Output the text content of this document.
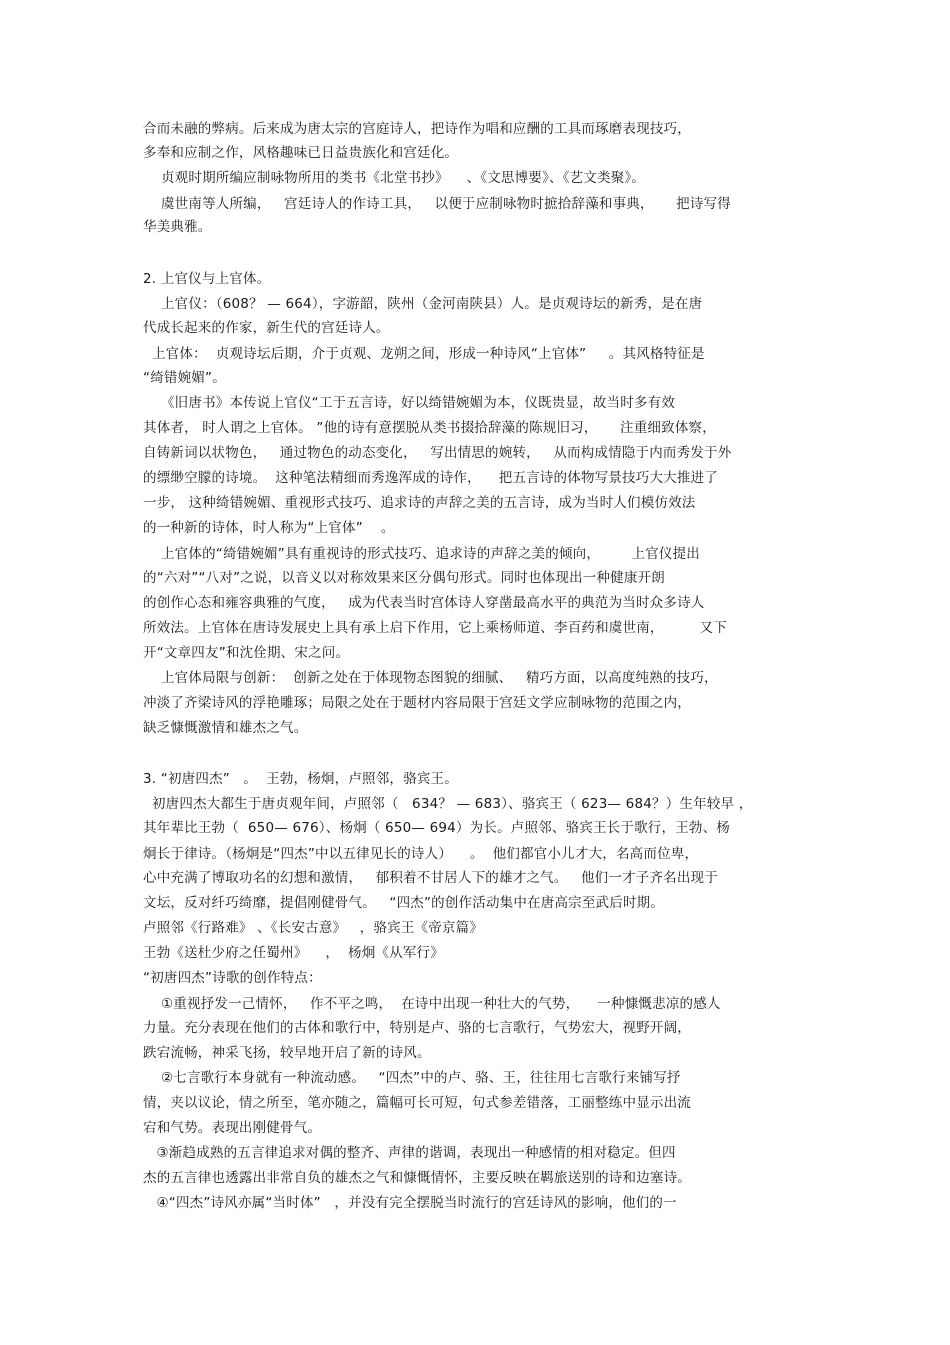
合而未融的弊病。后来成为唐太宗的宫庭诗人，把诗作为唱和应酬的工具而琢磨表现技巧，
多奉和应制之作，风格趣味已日益贵族化和宫廷化。
贞观时期所编应制咏物所用的类书《北堂书抄》    、《文思博要》、《艺文类聚》。
虞世南等人所编，   宫廷诗人的作诗工具，   以便于应制咏物时摭拾辞藻和事典，     把诗写得
华美典雅。
2. 上官仪与上官体。
上官仪：（608？ — 664），字游韶，陕州（金河南陕县）人。是贞观诗坛的新秀，是在唐
代成长起来的作家，新生代的宫廷诗人。
上官体：  贞观诗坛后期，介于贞观、龙朔之间，形成一种诗风“上官体”     。其风格特征是
“绮错婉媚”。
《旧唐书》本传说上官仪“工于五言诗，好以绮错婉媚为本，仪既贵显，故当时多有效
其体者， 时人谓之上官体。 ”他的诗有意摆脱从类书掇拾辞藻的陈规旧习，     注重细致体察，
自铸新词以状物色，   通过物色的动态变化，   写出情思的婉转，   从而构成情隐于内而秀发于外
的缥缈空朦的诗境。  这种笔法精细而秀逸浑成的诗作，    把五言诗的体物写景技巧大大推进了
一步， 这种绮错婉媚、重视形式技巧、追求诗的声辞之美的五言诗，成为当时人们模仿效法
的一种新的诗体，时人称为“上官体”    。
上官体的“绮错婉媚”具有重视诗的形式技巧、追求诗的声辞之美的倾向，       上官仪提出
的“六对”“八对”之说，以音义以对称效果来区分偶句形式。同时也体现出一种健康开朗
的创作心态和雍容典雅的气度，   成为代表当时宫体诗人穿凿最高水平的典范为当时众多诗人
所效法。上官体在唐诗发展史上具有承上启下作用，它上乘杨师道、李百药和虞世南，        又下
开“文章四友”和沈佺期、宋之问。
上官体局限与创新：  创新之处在于体现物态图貌的细腻、   精巧方面，以高度纯熟的技巧，
冲淡了齐梁诗风的浮艳雕琢；局限之处在于题材内容局限于宫廷文学应制咏物的范围之内，
缺乏慷慨激情和雄杰之气。
3. “初唐四杰”   。  王勃，杨炯，卢照邻，骆宾王。
初唐四杰大都生于唐贞观年间，卢照邻（   634？ — 683）、骆宾王（ 623— 684？）生年较早 ，
其年辈比王勃（  650— 676）、杨炯（ 650— 694）为长。卢照邻、骆宾王长于歌行，王勃、杨
炯长于律诗。（杨炯是“四杰”中以五律见长的诗人）    。  他们都官小儿才大，名高而位卑，
心中充满了博取功名的幻想和激情，   郁积着不甘居人下的雄才之气。   他们一才子齐名出现于
文坛，反对纤巧绮靡，提倡刚健骨气。   “四杰”的创作活动集中在唐高宗至武后时期。
卢照邻《行路难》 、《长安古意》   ，骆宾王《帝京篇》
王勃《送杜少府之任蜀州》    ，  杨炯《从军行》
“初唐四杰”诗歌的创作特点：
①重视抒发一己情怀，   作不平之鸣，  在诗中出现一种壮大的气势，    一种慷慨悲凉的感人
力量。充分表现在他们的古体和歌行中，特别是卢、骆的七言歌行，气势宏大，视野开阔，
跌宕流畅，神采飞扬，较早地开启了新的诗风。
②七言歌行本身就有一种流动感。   “四杰”中的卢、骆、王，往往用七言歌行来铺写抒
情，夹以议论，情之所至，笔亦随之，篇幅可长可短，句式参差错落，工丽整练中显示出流
宕和气势。表现出刚健骨气。
③渐趋成熟的五言律追求对偶的整齐、声律的谐调，表现出一种感情的相对稳定。但四
杰的五言律也透露出非常自负的雄杰之气和慷慨情怀，主要反映在羁旅送别的诗和边塞诗。
④“四杰”诗风亦属“当时体”   ，并没有完全摆脱当时流行的宫廷诗风的影响，他们的一
